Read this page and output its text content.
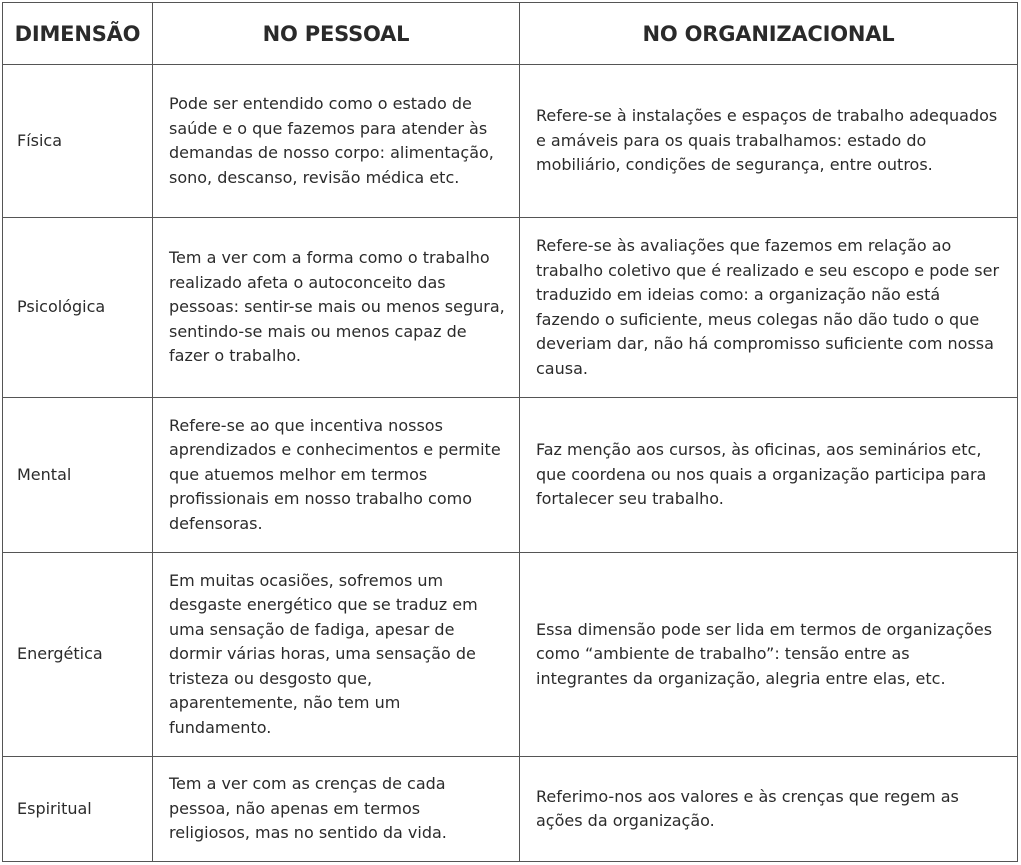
DIMENSÃO	NO PESSOAL	NO ORGANIZACIONAL
Física	Pode ser entendido como o estado de saúde e o que fazemos para atender às demandas de nosso corpo: alimentação, sono, descanso, revisão médica etc.	Refere-se à instalações e espaços de trabalho adequados e amáveis para os quais trabalhamos: estado do mobiliário, condições de segurança, entre outros.
Psicológica	Tem a ver com a forma como o trabalho realizado afeta o autoconceito das pessoas: sentir-se mais ou menos segura, sentindo-se mais ou menos capaz de fazer o trabalho.	Refere-se às avaliações que fazemos em relação ao trabalho coletivo que é realizado e seu escopo e pode ser traduzido em ideias como: a organização não está fazendo o suficiente, meus colegas não dão tudo o que deveriam dar, não há compromisso suficiente com nossa causa.
Mental	Refere-se ao que incentiva nossos aprendizados e conhecimentos e permite que atuemos melhor em termos profissionais em nosso trabalho como defensoras.	Faz menção aos cursos, às oficinas, aos seminários etc, que coordena ou nos quais a organização participa para fortalecer seu trabalho.
Energética	Em muitas ocasiões, sofremos um desgaste energético que se traduz em uma sensação de fadiga, apesar de dormir várias horas, uma sensação de tristeza ou desgosto que, aparentemente, não tem um fundamento.	Essa dimensão pode ser lida em termos de organizações como “ambiente de trabalho”: tensão entre as integrantes da organização, alegria entre elas, etc.
Espiritual	Tem a ver com as crenças de cada pessoa, não apenas em termos religiosos, mas no sentido da vida.	Referimo-nos aos valores e às crenças que regem as ações da organização.
